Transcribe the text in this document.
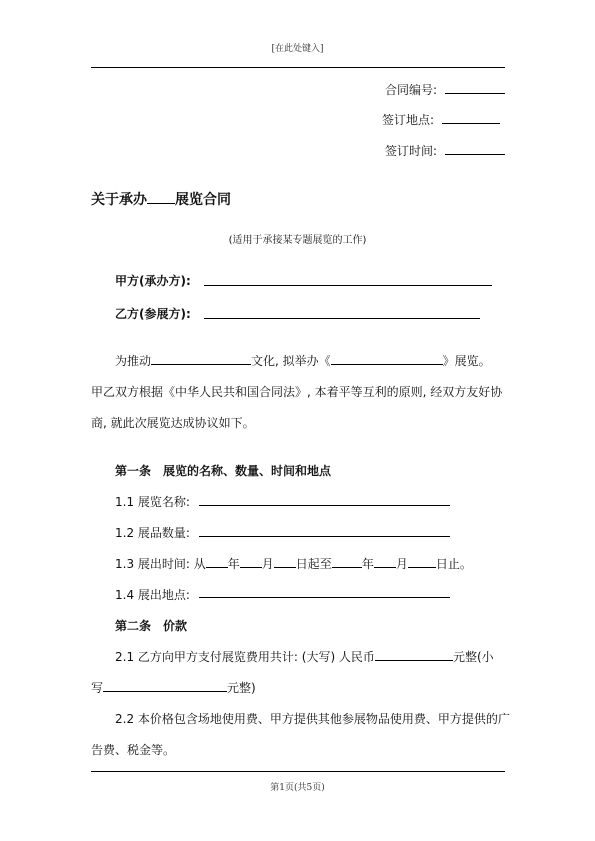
[在此处键入]
合同编号:
签订地点:
签订时间:
关于承办 展览合同
(适用于承接某专题展览的工作)
甲方(承办方):
乙方(参展方):
为推动	文化, 拟举办《	》展览。
甲乙双方根据《中华人民共和国合同法》, 本着平等互利的原则, 经双方友好协
商, 就此次展览达成协议如下。
第一条　展览的名称、数量、时间和地点
1.1 展览名称:
1.2 展品数量:
1.3 展出时间: 从 年 月 日起至	年 月 日止。
1.4 展出地点:
第二条　价款
2.1 乙方向甲方支付展览费用共计: (大写) 人民币	元整(小
写	元整)
2.2 本价格包含场地使用费、甲方提供其他参展物品使用费、甲方提供的广
告费、税金等。
第1页(共5页)
